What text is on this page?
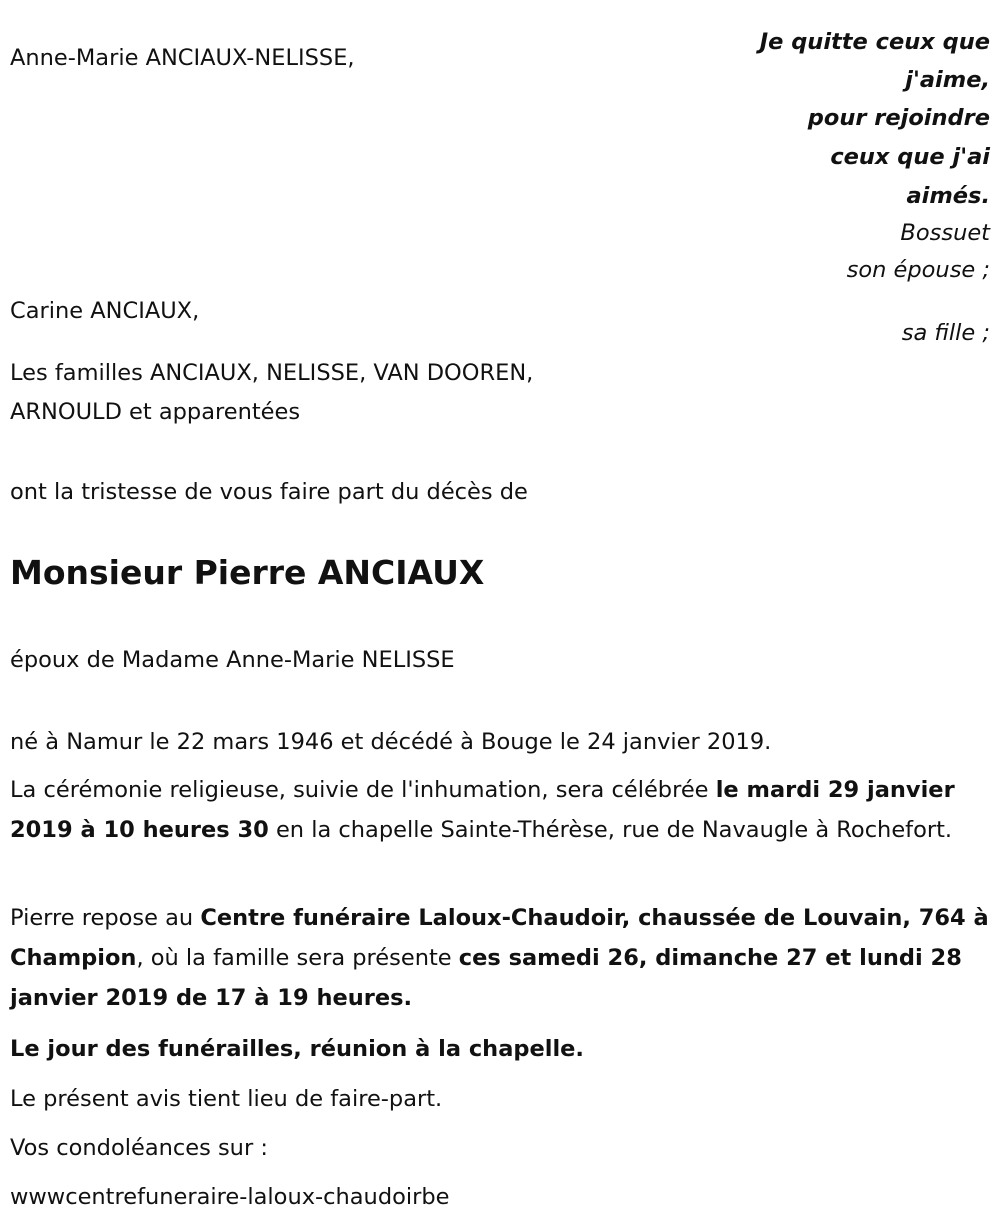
Je quitte ceux que
j'aime,
pour rejoindre
ceux que j'ai
aimés.
Bossuet
son épouse ;
sa fille ;
Anne-Marie ANCIAUX-NELISSE,
Carine ANCIAUX,
Les familles ANCIAUX, NELISSE, VAN DOOREN,
ARNOULD et apparentées
ont la tristesse de vous faire part du décès de
Monsieur Pierre ANCIAUX
époux de Madame Anne-Marie NELISSE
né à Namur le 22 mars 1946 et décédé à Bouge le 24 janvier 2019.
La cérémonie religieuse, suivie de l'inhumation, sera célébrée le mardi 29 janvier 2019 à 10 heures 30 en la chapelle Sainte-Thérèse, rue de Navaugle à Rochefort.
Pierre repose au Centre funéraire Laloux-Chaudoir, chaussée de Louvain, 764 à Champion, où la famille sera présente ces samedi 26, dimanche 27 et lundi 28 janvier 2019 de 17 à 19 heures.
Le jour des funérailles, réunion à la chapelle.
Le présent avis tient lieu de faire-part.
Vos condoléances sur :
wwwcentrefuneraire-laloux-chaudoirbe
